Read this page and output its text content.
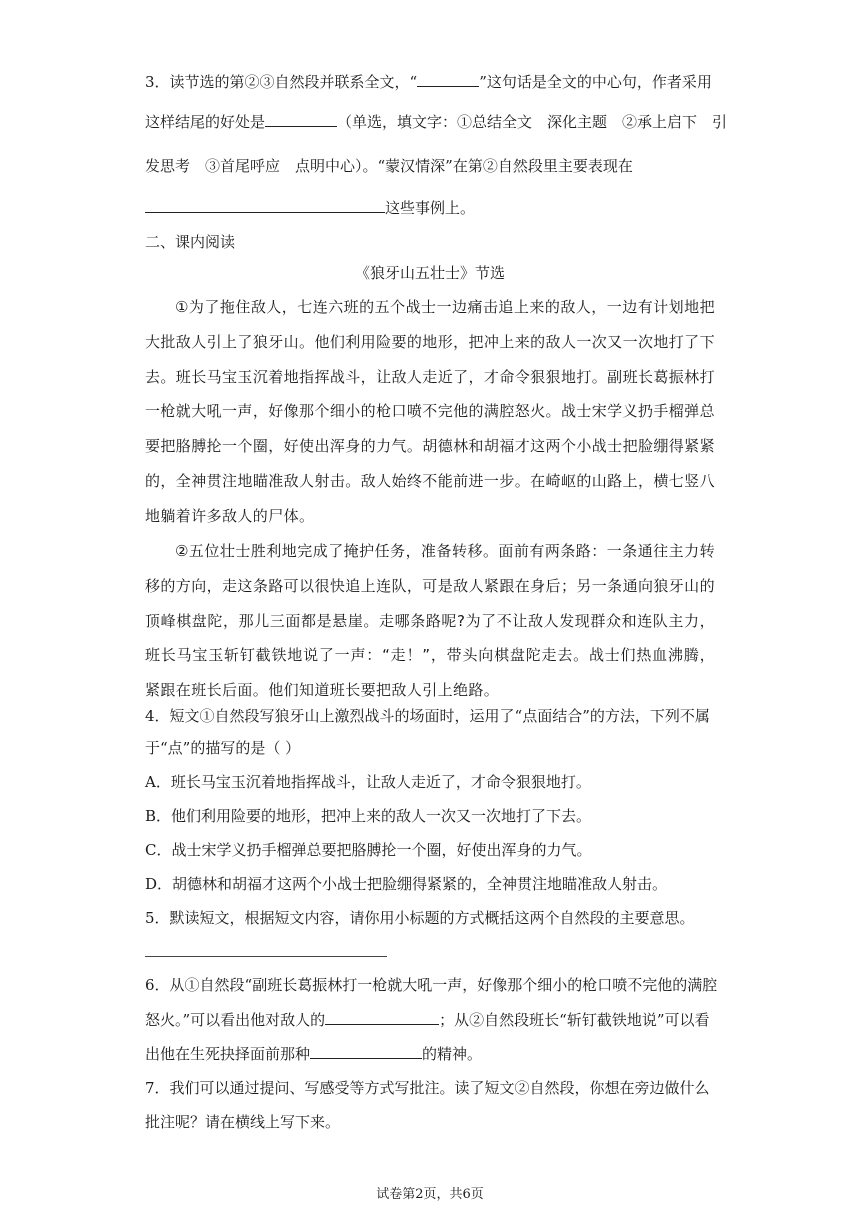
3．读节选的第②③自然段并联系全文，“	”这句话是全文的中心句，作者采用
这样结尾的好处是	（单选，填文字：①总结全文　深化主题　②承上启下　引
发思考　③首尾呼应　点明中心）。“蒙汉情深”在第②自然段里主要表现在
这些事例上。
二、课内阅读
《狼牙山五壮士》节选
①为了拖住敌人，七连六班的五个战士一边痛击追上来的敌人，一边有计划地把大批敌人引上了狼牙山。他们利用险要的地形，把冲上来的敌人一次又一次地打了下去。班长马宝玉沉着地指挥战斗，让敌人走近了，才命令狠狠地打。副班长葛振林打一枪就大吼一声，好像那个细小的枪口喷不完他的满腔怒火。战士宋学义扔手榴弹总要把胳膊抡一个圈，好使出浑身的力气。胡德林和胡福才这两个小战士把脸绷得紧紧的，全神贯注地瞄准敌人射击。敌人始终不能前进一步。在崎岖的山路上，横七竖八地躺着许多敌人的尸体。
②五位壮士胜利地完成了掩护任务，准备转移。面前有两条路：一条通往主力转移的方向，走这条路可以很快追上连队，可是敌人紧跟在身后；另一条通向狼牙山的顶峰棋盘陀，那儿三面都是悬崖。走哪条路呢?为了不让敌人发现群众和连队主力，班长马宝玉斩钉截铁地说了一声：“走！”，带头向棋盘陀走去。战士们热血沸腾，紧跟在班长后面。他们知道班长要把敌人引上绝路。
4．短文①自然段写狼牙山上激烈战斗的场面时，运用了“点面结合”的方法，下列不属
于“点”的描写的是（ ）
A．班长马宝玉沉着地指挥战斗，让敌人走近了，才命令狠狠地打。
B．他们利用险要的地形，把冲上来的敌人一次又一次地打了下去。
C．战士宋学义扔手榴弹总要把胳膊抡一个圈，好使出浑身的力气。
D．胡德林和胡福才这两个小战士把脸绷得紧紧的，全神贯注地瞄准敌人射击。
5．默读短文，根据短文内容，请你用小标题的方式概括这两个自然段的主要意思。
6．从①自然段“副班长葛振林打一枪就大吼一声，好像那个细小的枪口喷不完他的满腔
怒火。”可以看出他对敌人的	；从②自然段班长“斩钉截铁地说”可以看
出他在生死抉择面前那种	的精神。
7．我们可以通过提问、写感受等方式写批注。读了短文②自然段，你想在旁边做什么
批注呢？请在横线上写下来。
试卷第2页，共6页
